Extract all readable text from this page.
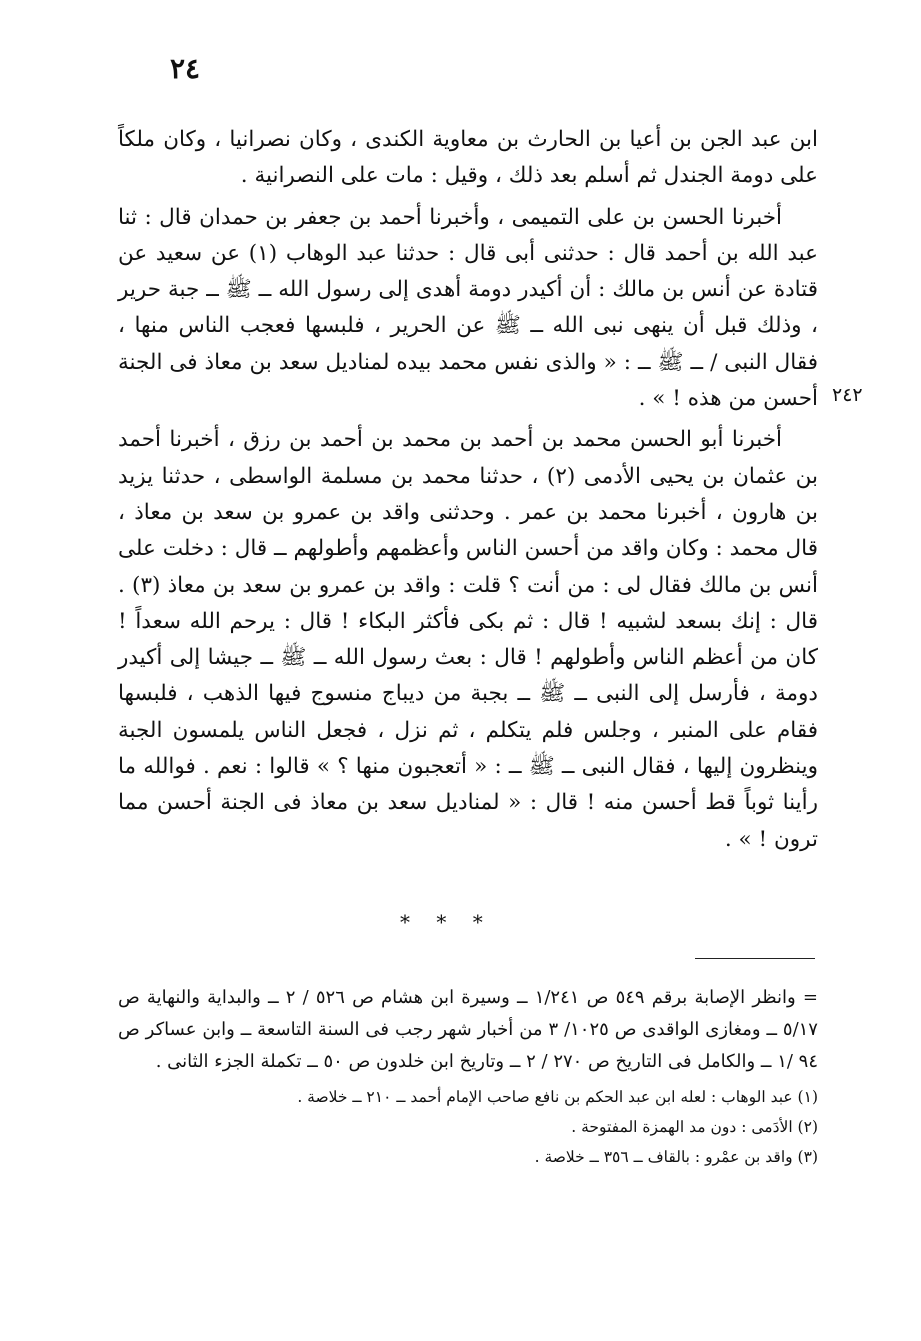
٢٤

ابن عبد الجن بن أعيا بن الحارث بن معاوية الكندى ، وكان نصرانيا ، وكان ملكاً على دومة الجندل ثم أسلم بعد ذلك ، وقيل : مات على النصرانية .

أخبرنا الحسن بن على التميمى ، وأخبرنا أحمد بن جعفر بن حمدان قال : ثنا عبد الله بن أحمد قال : حدثنى أبى قال : حدثنا عبد الوهاب (١) عن سعيد عن قتادة عن أنس بن مالك : أن أكيدر دومة أهدى إلى رسول الله ــ ﷺ ــ جبة حرير ، وذلك قبل أن ينهى نبى الله ــ ﷺ عن الحرير ، فلبسها فعجب الناس منها ، فقال النبى / ــ ﷺ ــ : « والذى نفس محمد بيده لمناديل سعد بن معاذ فى الجنة أحسن من هذه ! » .

أخبرنا أبو الحسن محمد بن أحمد بن محمد بن أحمد بن رزق ، أخبرنا أحمد بن عثمان بن يحيى الأدمى (٢) ، حدثنا محمد بن مسلمة الواسطى ، حدثنا يزيد بن هارون ، أخبرنا محمد بن عمر . وحدثنى واقد بن عمرو بن سعد بن معاذ ، قال محمد : وكان واقد من أحسن الناس وأعظمهم وأطولهم ــ قال : دخلت على أنس بن مالك فقال لى : من أنت ؟ قلت : واقد بن عمرو بن سعد بن معاذ (٣) . قال : إنك بسعد لشبيه ! قال : ثم بكى فأكثر البكاء ! قال : يرحم الله سعداً ! كان من أعظم الناس وأطولهم ! قال : بعث رسول الله ــ ﷺ ــ جيشا إلى أكيدر دومة ، فأرسل إلى النبى ــ ﷺ ــ بجبة من ديباج منسوج فيها الذهب ، فلبسها فقام على المنبر ، وجلس فلم يتكلم ، ثم نزل ، فجعل الناس يلمسون الجبة وينظرون إليها ، فقال النبى ــ ﷺ ــ : « أتعجبون منها ؟ » قالوا : نعم . فوالله ما رأينا ثوباً قط أحسن منه ! قال : « لمناديل سعد بن معاذ فى الجنة أحسن مما ترون ! » .

٢٤٢
* * *

= وانظر الإصابة برقم ٥٤٩ ص ١/٢٤١ ــ وسيرة ابن هشام ص ٥٢٦ / ٢ ــ والبداية والنهاية ص ٥/١٧ ــ ومغازى الواقدى ص ١٠٢٥/ ٣ من أخبار شهر رجب فى السنة التاسعة ــ وابن عساكر ص ٩٤ /١ ــ والكامل فى التاريخ ص ٢٧٠ / ٢ ــ وتاريخ ابن خلدون ص ٥٠ ــ تكملة الجزء الثانى .

(١) عبد الوهاب : لعله ابن عبد الحكم بن نافع صاحب الإمام أحمد ــ ٢١٠ ــ خلاصة .

(٢) الأدَمى : دون مد الهمزة المفتوحة .

(٣) واقد بن عمْرو : بالقاف ــ ٣٥٦ ــ خلاصة .
